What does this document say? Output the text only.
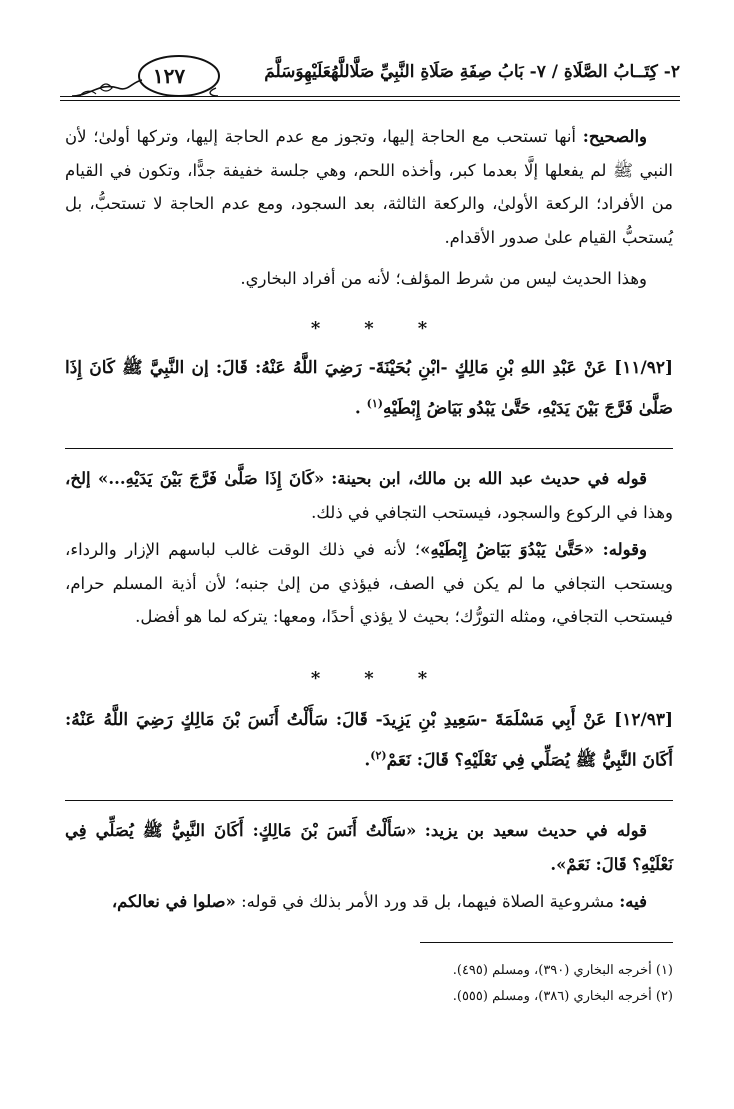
٢- كِتَــابُ الصَّلَاةِ / ٧- بَابُ صِفَةِ صَلَاةِ النَّبِيِّ صَلَّاللَّهُعَلَيْهِوَسَلَّمَ
١٢٧

والصحيح: أنها تستحب مع الحاجة إليها، وتجوز مع عدم الحاجة إليها، وتركها أولىٰ؛ لأن النبي ﷺ لم يفعلها إلَّا بعدما كبر، وأخذه اللحم، وهي جلسة خفيفة جدًّا، وتكون في القيام من الأفراد؛ الركعة الأولىٰ، والركعة الثالثة، بعد السجود، ومع عدم الحاجة لا تستحبُّ، بل يُستحبُّ القيام علىٰ صدور الأقدام.

وهذا الحديث ليس من شرط المؤلف؛ لأنه من أفراد البخاري.

***
[١١/٩٢] عَنْ عَبْدِ اللهِ بْنِ مَالِكٍ -ابْنِ بُحَيْنَةَ- رَضِيَ اللَّهُ عَنْهُ: قَالَ: إن النَّبِيَّ ﷺ كَانَ إِذَا صَلَّىٰ فَرَّجَ بَيْنَ يَدَيْهِ، حَتَّىٰ يَبْدُو بَيَاضُ إِبْطَيْهِ$^{(١)}$ .

قوله في حديث عبد الله بن مالك، ابن بحينة: «كَانَ إِذَا صَلَّىٰ فَرَّجَ بَيْنَ يَدَيْهِ...» إلخ، وهذا في الركوع والسجود، فيستحب التجافي في ذلك.

وقوله: «حَتَّىٰ يَبْدُوَ بَيَاضُ إِبْطَيْهِ»؛ لأنه في ذلك الوقت غالب لباسهم الإزار والرداء، ويستحب التجافي ما لم يكن في الصف، فيؤذي من إلىٰ جنبه؛ لأن أذية المسلم حرام، فيستحب التجافي، ومثله التورُّك؛ بحيث لا يؤذي أحدًا، ومعها: يتركه لما هو أفضل.

***
[١٢/٩٣] عَنْ أَبِي مَسْلَمَةَ -سَعِيدِ بْنِ يَزِيدَ- قَالَ: سَأَلْتُ أَنَسَ بْنَ مَالِكٍ رَضِيَ اللَّهُ عَنْهُ: أَكَانَ النَّبِيُّ ﷺ يُصَلِّي فِي نَعْلَيْهِ؟ قَالَ: نَعَمْ$^{(٢)}$.

قوله في حديث سعيد بن يزيد: «سَأَلْتُ أَنَسَ بْنَ مَالِكٍ: أَكَانَ النَّبِيُّ ﷺ يُصَلِّي فِي نَعْلَيْهِ؟ قَالَ: نَعَمْ».

فيه: مشروعية الصلاة فيهما، بل قد ورد الأمر بذلك في قوله: «صلوا في نعالكم،

(١) أخرجه البخاري (٣٩٠)، ومسلم (٤٩٥).
(٢) أخرجه البخاري (٣٨٦)، ومسلم (٥٥٥).
